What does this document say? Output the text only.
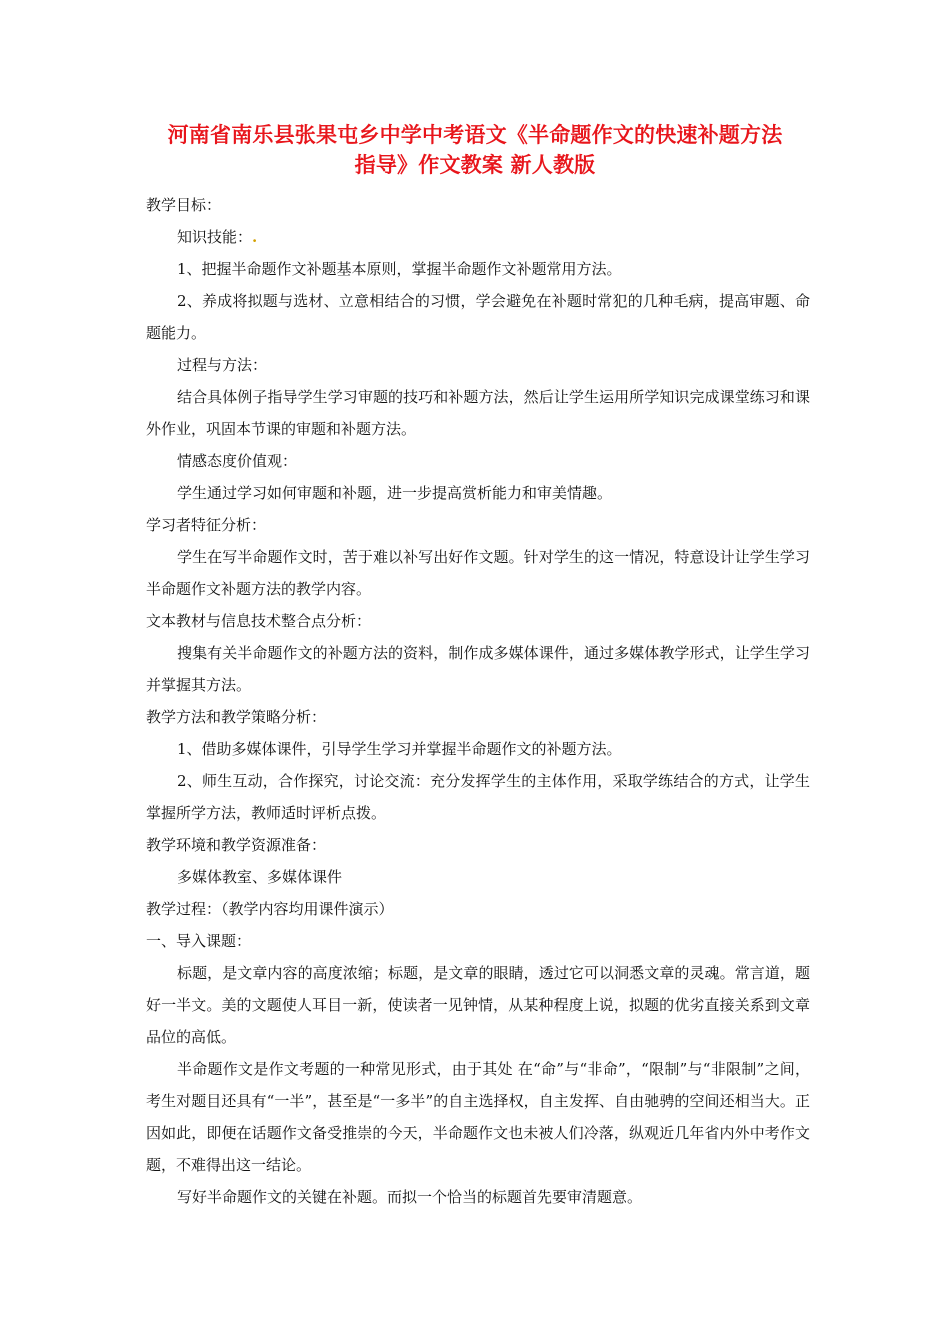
河南省南乐县张果屯乡中学中考语文《半命题作文的快速补题方法
指导》作文教案 新人教版

教学目标：

知识技能：.

1、把握半命题作文补题基本原则，掌握半命题作文补题常用方法。

2、养成将拟题与选材、立意相结合的习惯，学会避免在补题时常犯的几种毛病，提高审题、命题能力。

过程与方法：

结合具体例子指导学生学习审题的技巧和补题方法，然后让学生运用所学知识完成课堂练习和课外作业，巩固本节课的审题和补题方法。

情感态度价值观：

学生通过学习如何审题和补题，进一步提高赏析能力和审美情趣。

学习者特征分析：

学生在写半命题作文时，苦于难以补写出好作文题。针对学生的这一情况，特意设计让学生学习半命题作文补题方法的教学内容。

文本教材与信息技术整合点分析：

搜集有关半命题作文的补题方法的资料，制作成多媒体课件，通过多媒体教学形式，让学生学习并掌握其方法。

教学方法和教学策略分析：

1、借助多媒体课件，引导学生学习并掌握半命题作文的补题方法。

2、师生互动，合作探究，讨论交流：充分发挥学生的主体作用，采取学练结合的方式，让学生掌握所学方法，教师适时评析点拨。

教学环境和教学资源准备：

多媒体教室、多媒体课件

教学过程：（教学内容均用课件演示）

一、导入课题：

标题，是文章内容的高度浓缩；标题，是文章的眼睛，透过它可以洞悉文章的灵魂。常言道，题好一半文。美的文题使人耳目一新，使读者一见钟情，从某种程度上说，拟题的优劣直接关系到文章品位的高低。

半命题作文是作文考题的一种常见形式，由于其处 在“命”与“非命”，“限制”与“非限制”之间，考生对题目还具有“一半”，甚至是“一多半”的自主选择权，自主发挥、自由驰骋的空间还相当大。正因如此，即便在话题作文备受推崇的今天，半命题作文也未被人们冷落，纵观近几年省内外中考作文题，不难得出这一结论。

写好半命题作文的关键在补题。而拟一个恰当的标题首先要审清题意。
